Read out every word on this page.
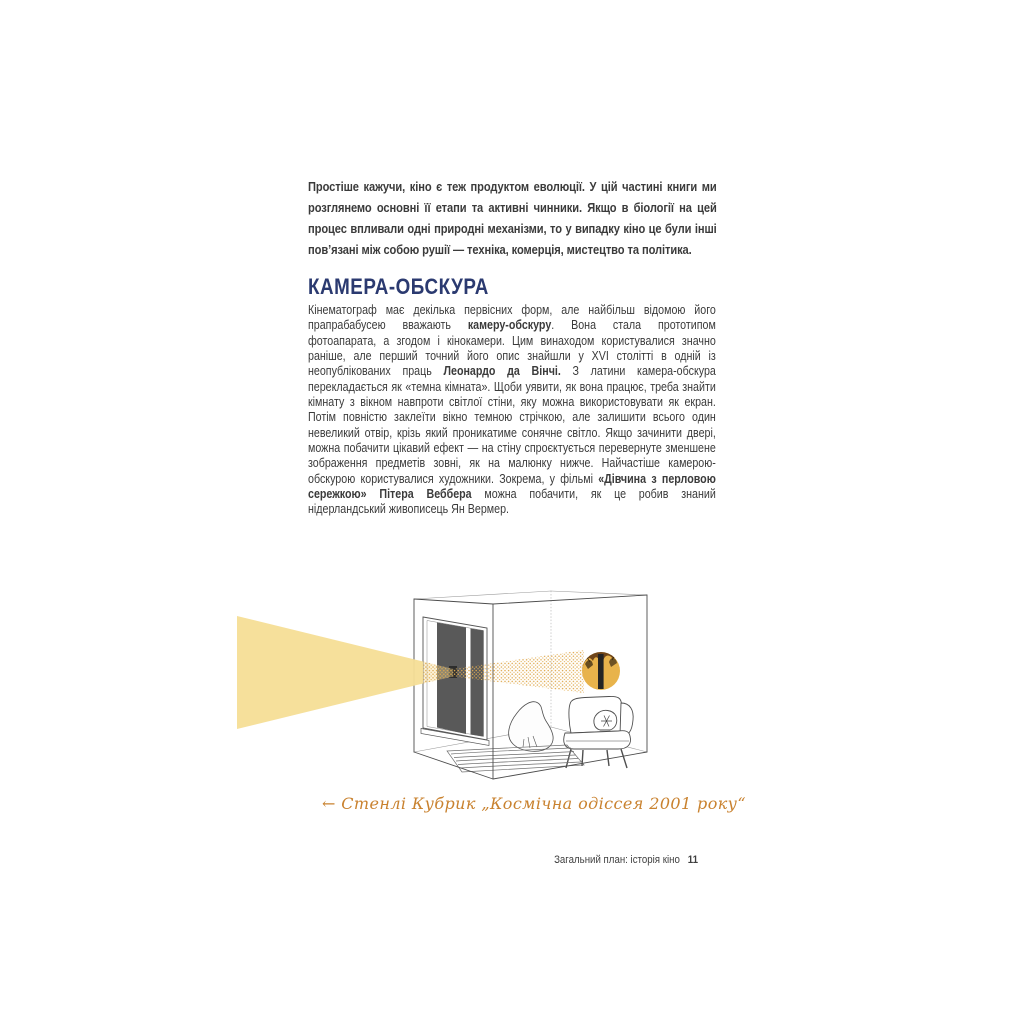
Простіше кажучи, кіно є теж продуктом еволюції. У цій частині книги ми розглянемо основні її етапи та активні чинники. Якщо в біології на цей процес впливали одні природні механізми, то у випадку кіно це були інші пов’язані між собою рушії — техніка, комерція, мистецтво та політика.
КАМЕРА-ОБСКУРА
Кінематограф має декілька первісних форм, але найбільш відомою його прапрабабусею вважають камеру-обскуру. Вона стала прототипом фотоапарата, а згодом і кінокамери. Цим винаходом користувалися значно раніше, але перший точний його опис знайшли у XVI столітті в одній із неопублікованих праць Леонардо да Вінчі. З латини камера-обскура перекладається як «темна кімната». Щоби уявити, як вона працює, треба знайти кімнату з вікном навпроти світлої стіни, яку можна використовувати як екран. Потім повністю заклеїти вікно темною стрічкою, але залишити всього один невеликий отвір, крізь який проникатиме сонячне світло. Якщо зачинити двері, можна побачити цікавий ефект — на стіну спроєктується перевернуте зменшене зображення предметів зовні, як на малюнку нижче. Найчастіше камерою-обскурою користувалися художники. Зокрема, у фільмі «Дівчина з перловою сережкою» Пітера Веббера можна побачити, як це робив знаний нідерландський живописець Ян Вермер.
← Стенлі Кубрик „Космічна одіссея 2001 року“
Загальний план: історія кіно 11
